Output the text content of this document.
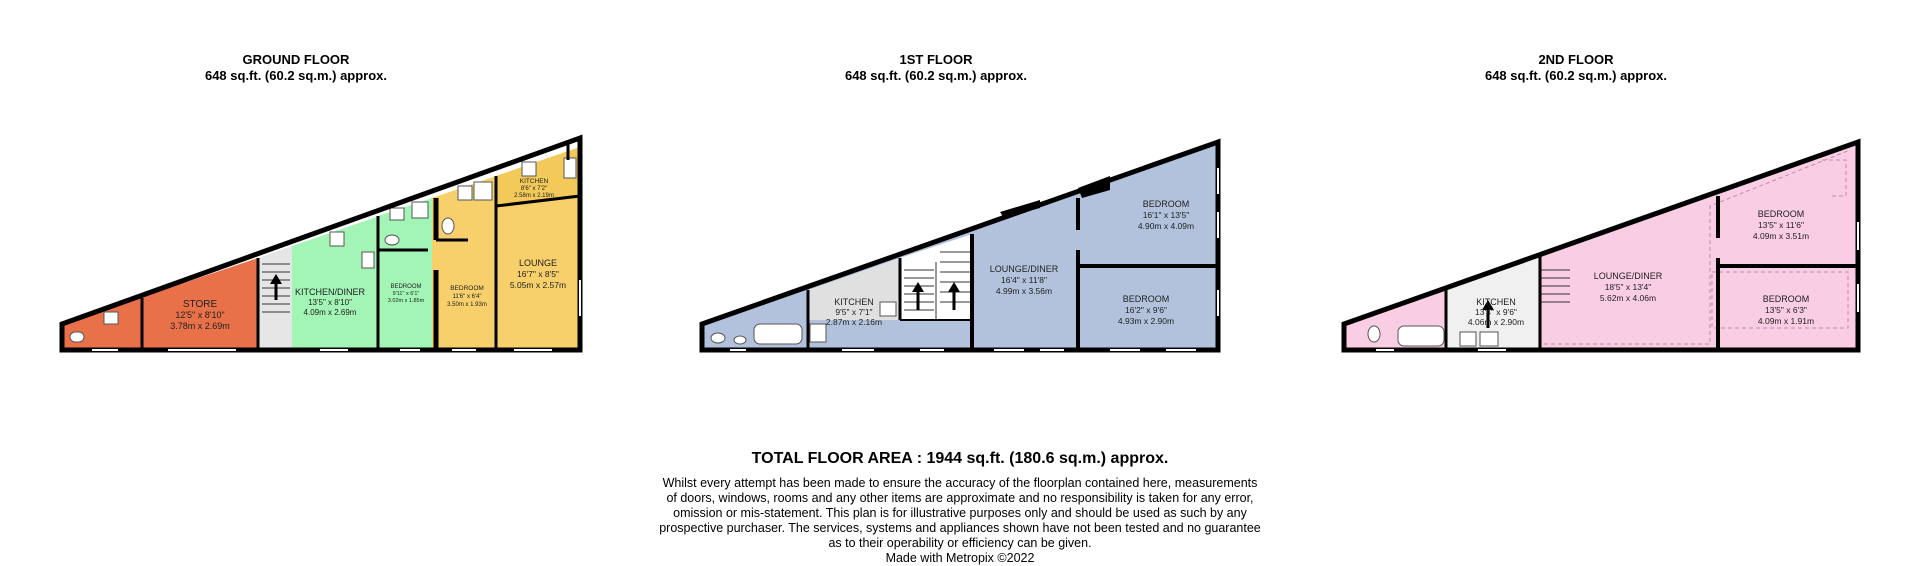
GROUND FLOOR
648 sq.ft. (60.2 sq.m.) approx.
1ST FLOOR
648 sq.ft. (60.2 sq.m.) approx.
2ND FLOOR
648 sq.ft. (60.2 sq.m.) approx.
STORE
12'5" x 8'10"
3.78m x 2.69m
KITCHEN/DINER
13'5" x 8'10"
4.09m x 2.69m
BEDROOM
9'11" x 6'1"
3.02m x 1.85m
BEDROOM
11'6" x 6'4"
3.50m x 1.93m
KITCHEN
8'6" x 7'2"
2.58m x 2.19m
LOUNGE
16'7" x 8'5"
5.05m x 2.57m
KITCHEN
9'5" x 7'1"
2.87m x 2.16m
LOUNGE/DINER
16'4" x 11'8"
4.99m x 3.56m
BEDROOM
16'1" x 13'5"
4.90m x 4.09m
BEDROOM
16'2" x 9'6"
4.93m x 2.90m
KITCHEN
13'4" x 9'6"
4.06m x 2.90m
LOUNGE/DINER
18'5" x 13'4"
5.62m x 4.06m
BEDROOM
13'5" x 11'6"
4.09m x 3.51m
BEDROOM
13'5" x 6'3"
4.09m x 1.91m
TOTAL FLOOR AREA : 1944 sq.ft. (180.6 sq.m.) approx.
Whilst every attempt has been made to ensure the accuracy of the floorplan contained here, measurements
of doors, windows, rooms and any other items are approximate and no responsibility is taken for any error,
omission or mis-statement. This plan is for illustrative purposes only and should be used as such by any
prospective purchaser. The services, systems and appliances shown have not been tested and no guarantee
as to their operability or efficiency can be given.
Made with Metropix ©2022
